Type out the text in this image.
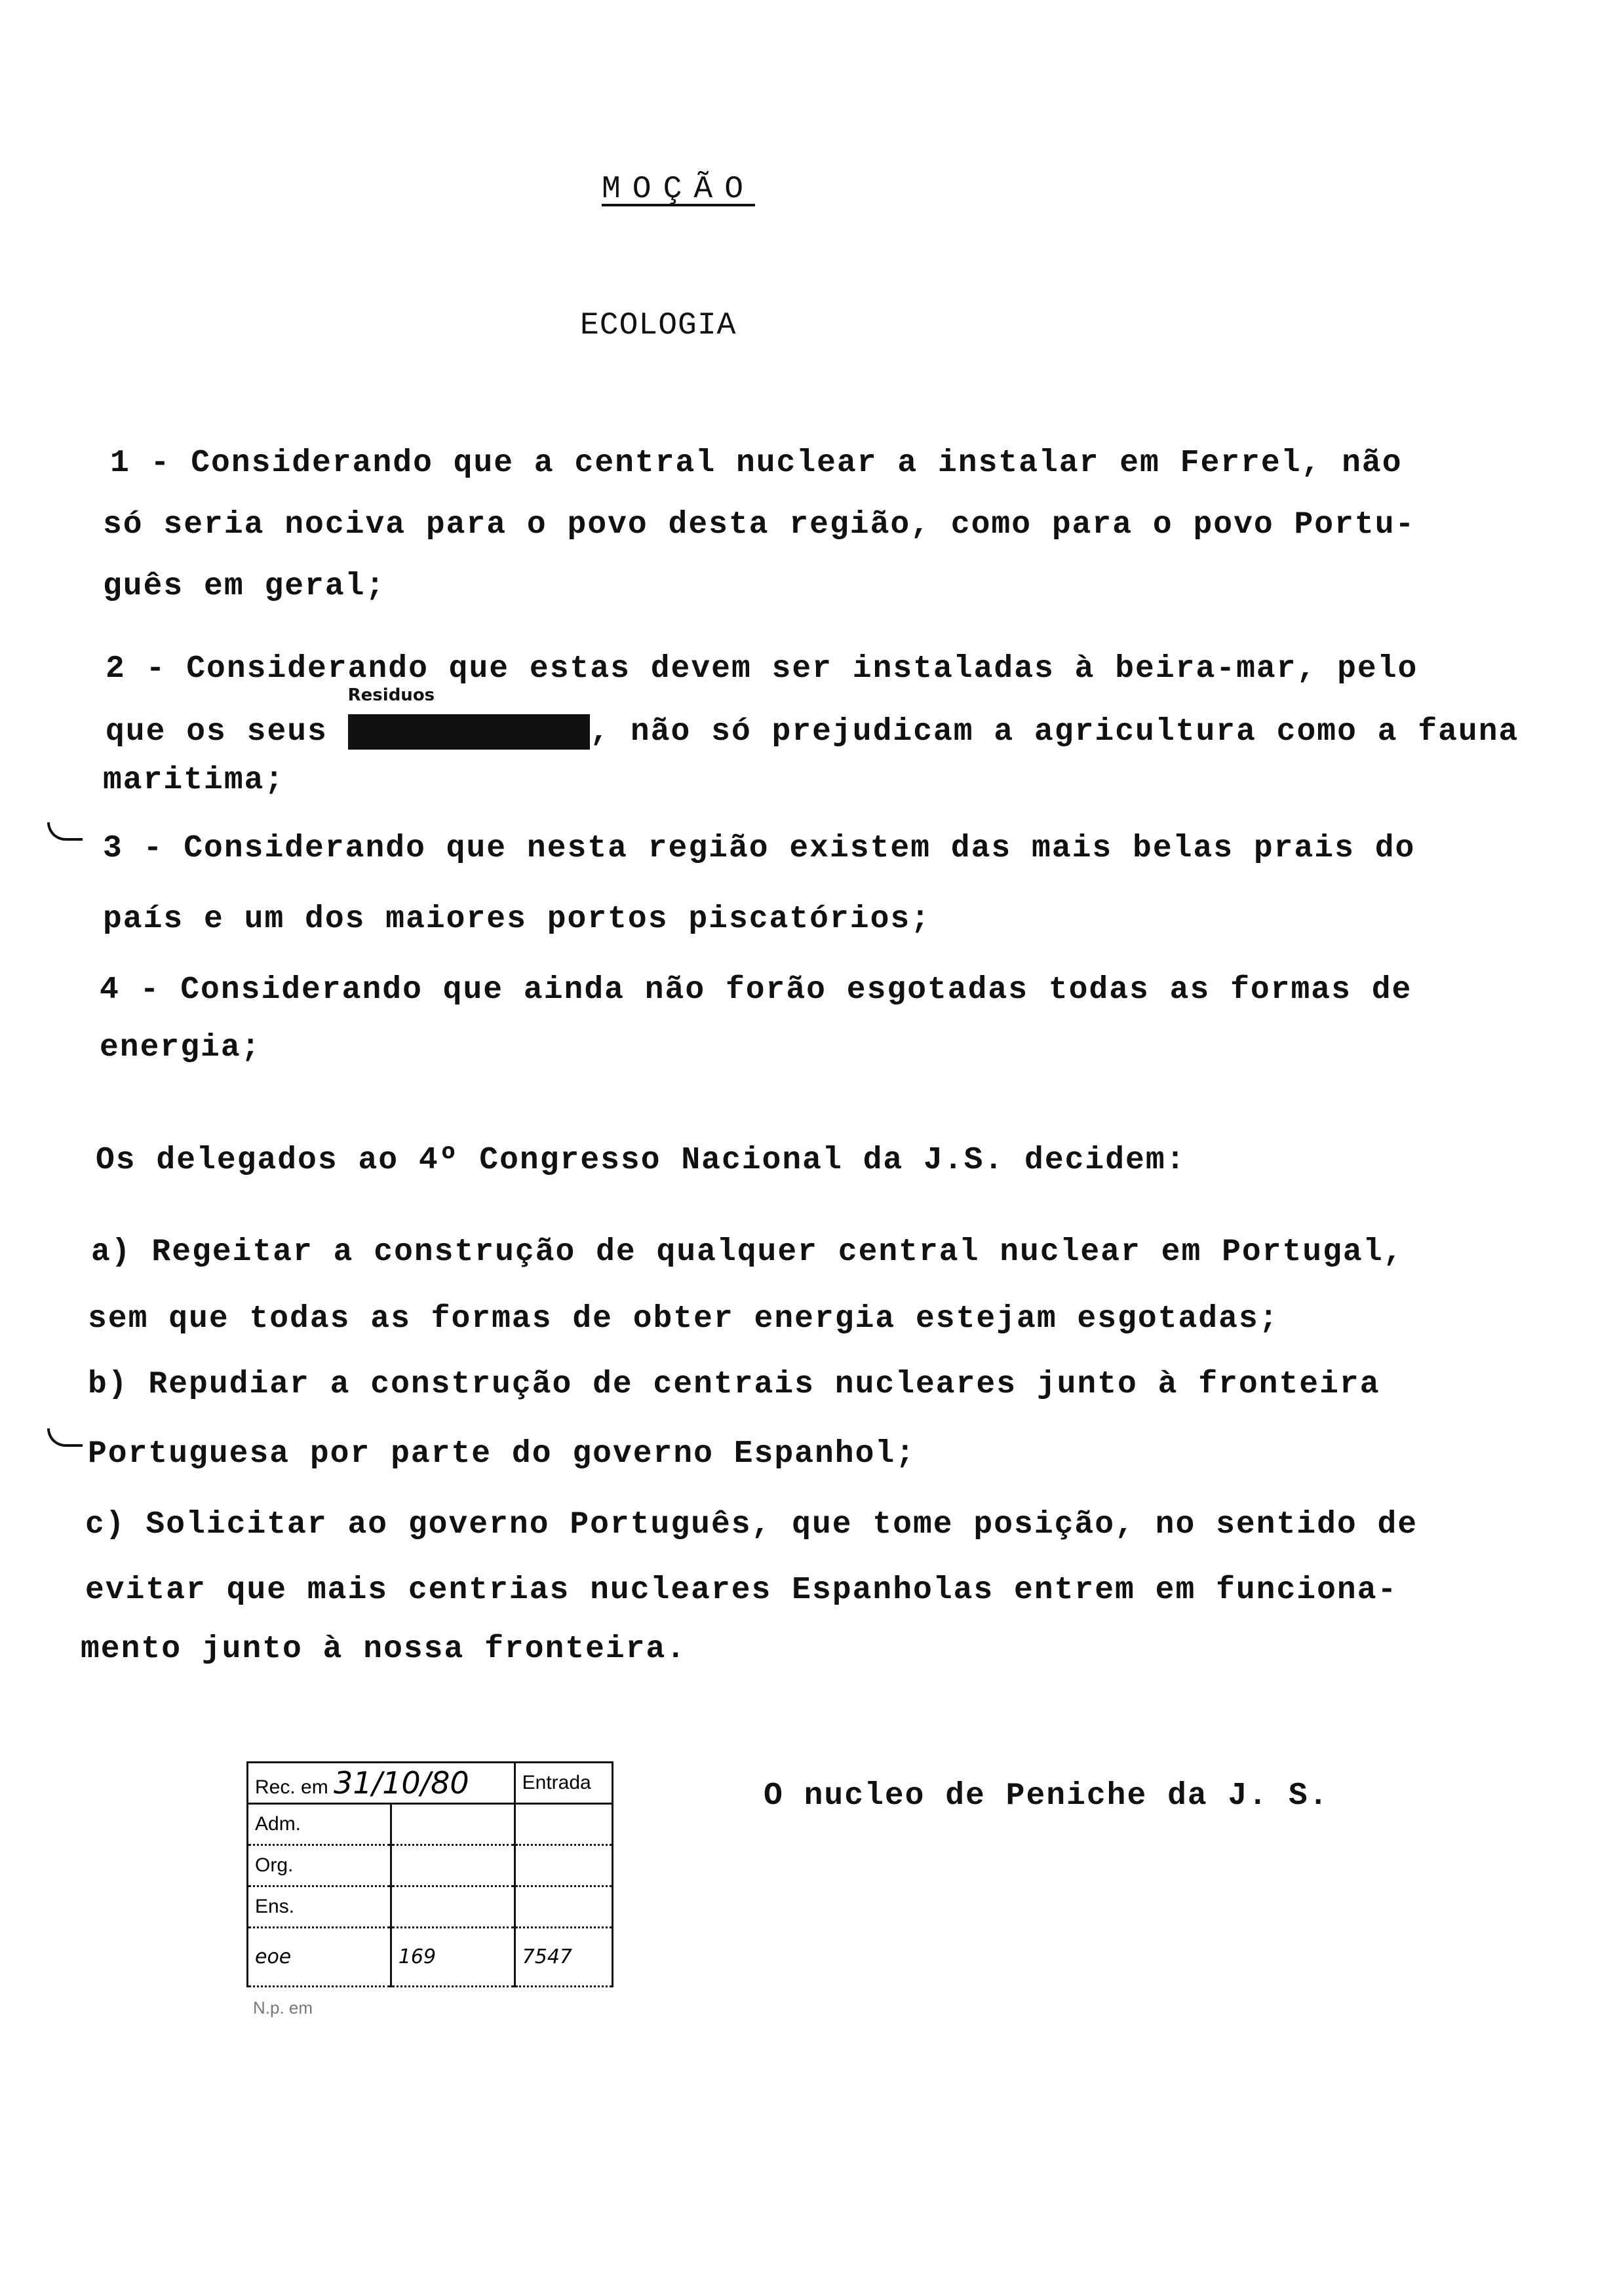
MOÇÃO
ECOLOGIA
1 - Considerando que a central nuclear a instalar em Ferrel, não
só seria nociva para o povo desta região, como para o povo Portu-
guês em geral;
2 - Considerando que estas devem ser instaladas à beira-mar, pelo
que os seus radioactivos
Residuos
, não só prejudicam a agricultura como a fauna
maritima;
3 - Considerando que nesta região existem das mais belas prais do
país e um dos maiores portos piscatórios;
4 - Considerando que ainda não forão esgotadas todas as formas de
energia;
Os delegados ao 4º Congresso Nacional da J.S. decidem:
a) Regeitar a construção de qualquer central nuclear em Portugal,
sem que todas as formas de obter energia estejam esgotadas;
b) Repudiar a construção de centrais nucleares junto à fronteira
Portuguesa por parte do governo Espanhol;
c) Solicitar ao governo Português, que tome posição, no sentido de
evitar que mais centrias nucleares Espanholas entrem em funciona-
mento junto à nossa fronteira.
O nucleo de Peniche da J. S.
Rec. em 31/10/80		Entrada
Adm.		
Org.		
Ens.		
eoe	169	7547
N.p. em
